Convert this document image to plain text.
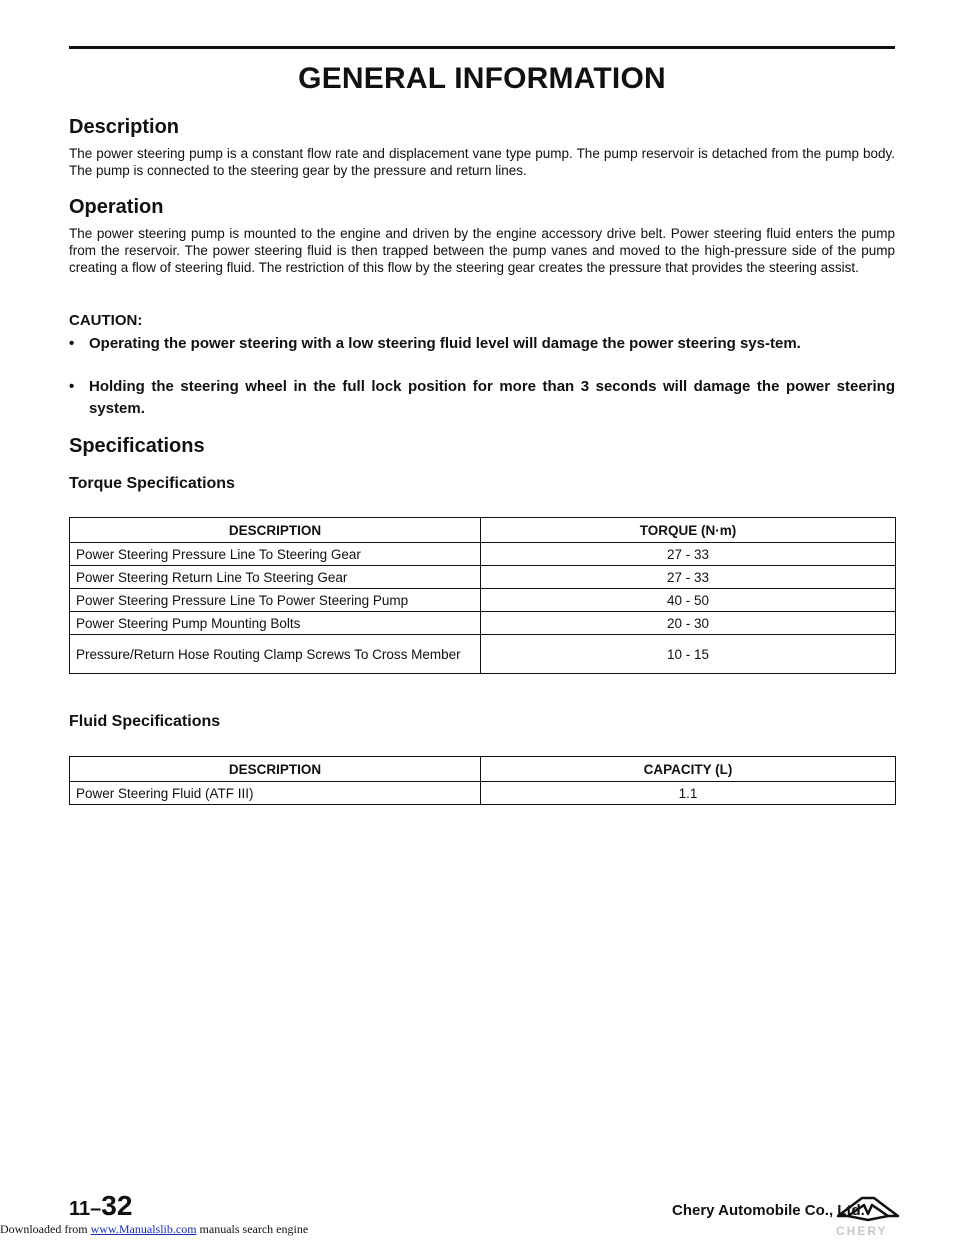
GENERAL INFORMATION
Description

The power steering pump is a constant flow rate and displacement vane type pump. The pump reservoir is detached from the pump body. The pump is connected to the steering gear by the pressure and return lines.

Operation

The power steering pump is mounted to the engine and driven by the engine accessory drive belt. Power steering fluid enters the pump from the reservoir. The power steering fluid is then trapped between the pump vanes and moved to the high-pressure side of the pump creating a flow of steering fluid. The restriction of this flow by the steering gear creates the pressure that provides the steering assist.

CAUTION:

• Operating the power steering with a low steering fluid level will damage the power steering sys-tem.
• Holding the steering wheel in the full lock position for more than 3 seconds will damage the power steering system.
Specifications
Torque Specifications
DESCRIPTION	TORQUE (N·m)
Power Steering Pressure Line To Steering Gear	27 - 33
Power Steering Return Line To Steering Gear	27 - 33
Power Steering Pressure Line To Power Steering Pump	40 - 50
Power Steering Pump Mounting Bolts	20 - 30
Pressure/Return Hose Routing Clamp Screws To Cross Member	10 - 15
Fluid Specifications
DESCRIPTION	CAPACITY (L)
Power Steering Fluid (ATF III)	1.1
11–32	Chery Automobile Co., Ltd.
CHERY
Downloaded from www.Manualslib.com manuals search engine
